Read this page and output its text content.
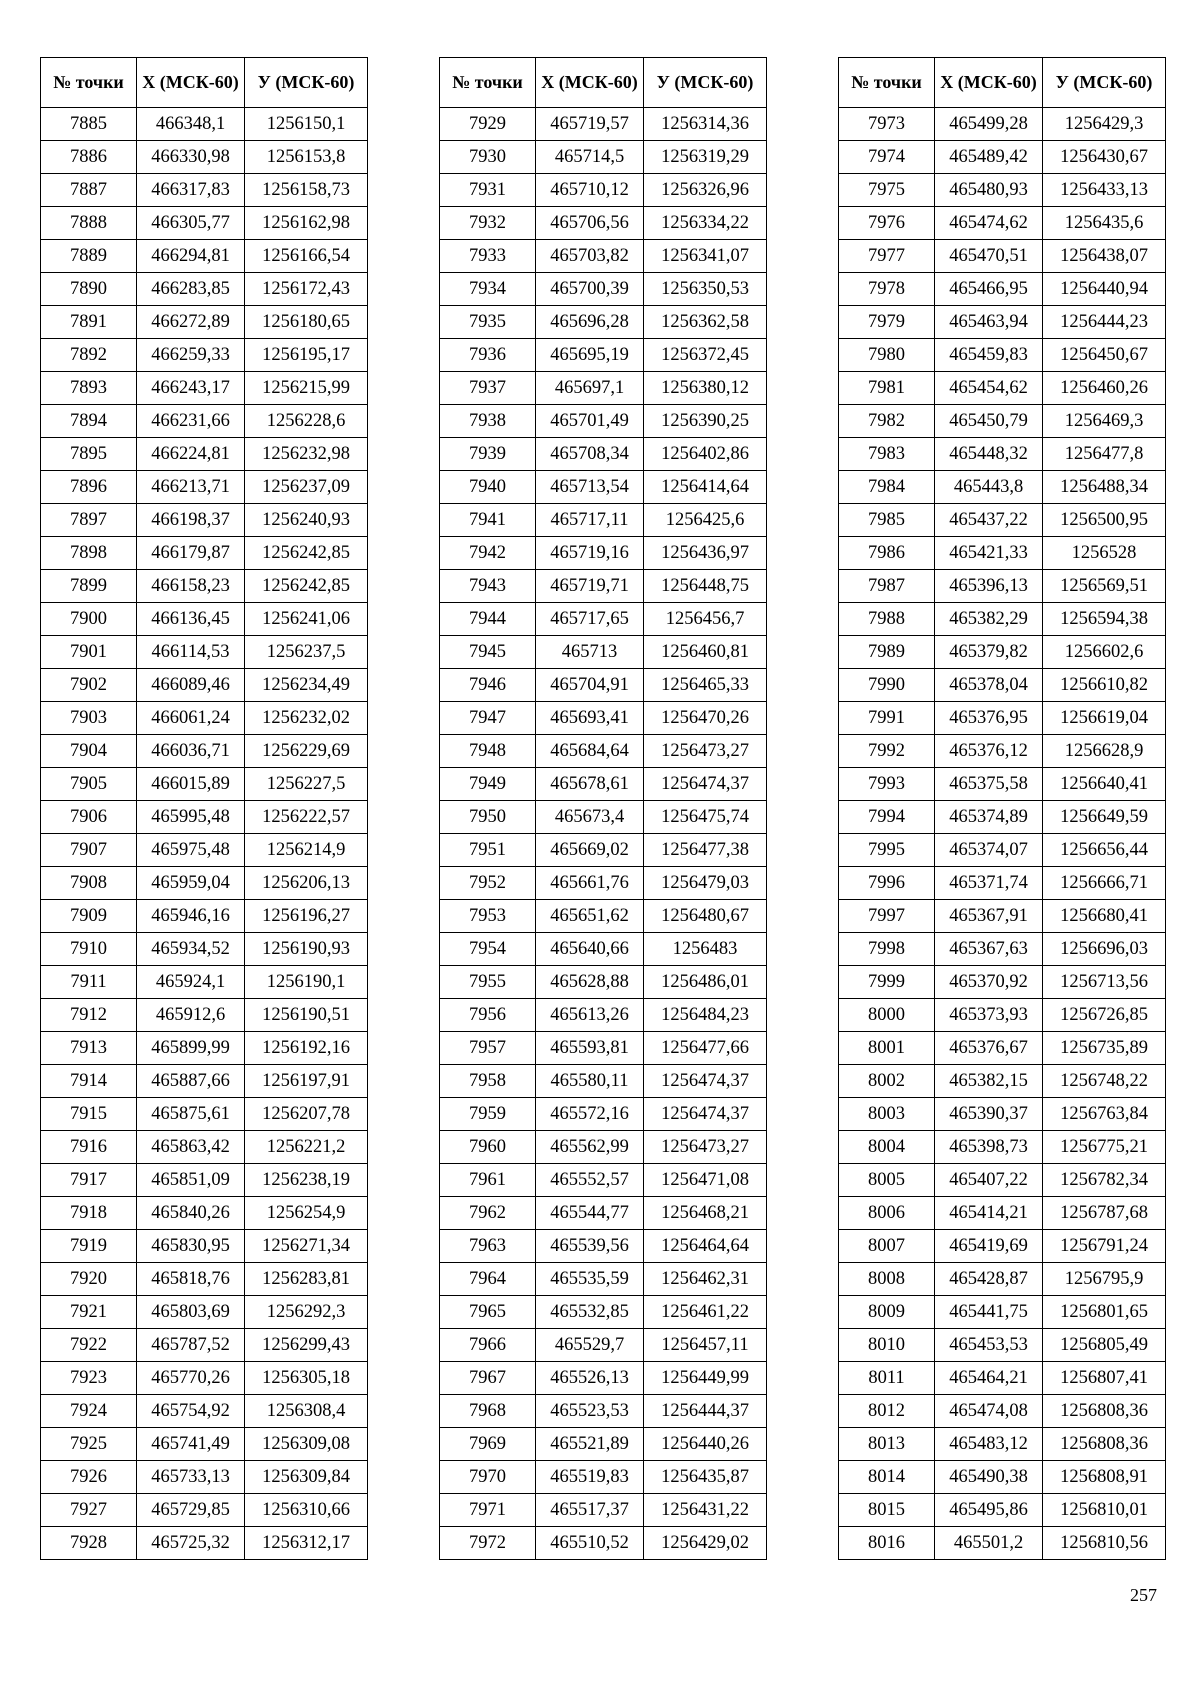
№ точки	Х (МСК-60)	У (МСК-60)
7885	466348,1	1256150,1
7886	466330,98	1256153,8
7887	466317,83	1256158,73
7888	466305,77	1256162,98
7889	466294,81	1256166,54
7890	466283,85	1256172,43
7891	466272,89	1256180,65
7892	466259,33	1256195,17
7893	466243,17	1256215,99
7894	466231,66	1256228,6
7895	466224,81	1256232,98
7896	466213,71	1256237,09
7897	466198,37	1256240,93
7898	466179,87	1256242,85
7899	466158,23	1256242,85
7900	466136,45	1256241,06
7901	466114,53	1256237,5
7902	466089,46	1256234,49
7903	466061,24	1256232,02
7904	466036,71	1256229,69
7905	466015,89	1256227,5
7906	465995,48	1256222,57
7907	465975,48	1256214,9
7908	465959,04	1256206,13
7909	465946,16	1256196,27
7910	465934,52	1256190,93
7911	465924,1	1256190,1
7912	465912,6	1256190,51
7913	465899,99	1256192,16
7914	465887,66	1256197,91
7915	465875,61	1256207,78
7916	465863,42	1256221,2
7917	465851,09	1256238,19
7918	465840,26	1256254,9
7919	465830,95	1256271,34
7920	465818,76	1256283,81
7921	465803,69	1256292,3
7922	465787,52	1256299,43
7923	465770,26	1256305,18
7924	465754,92	1256308,4
7925	465741,49	1256309,08
7926	465733,13	1256309,84
7927	465729,85	1256310,66
7928	465725,32	1256312,17
№ точки	Х (МСК-60)	У (МСК-60)
7929	465719,57	1256314,36
7930	465714,5	1256319,29
7931	465710,12	1256326,96
7932	465706,56	1256334,22
7933	465703,82	1256341,07
7934	465700,39	1256350,53
7935	465696,28	1256362,58
7936	465695,19	1256372,45
7937	465697,1	1256380,12
7938	465701,49	1256390,25
7939	465708,34	1256402,86
7940	465713,54	1256414,64
7941	465717,11	1256425,6
7942	465719,16	1256436,97
7943	465719,71	1256448,75
7944	465717,65	1256456,7
7945	465713	1256460,81
7946	465704,91	1256465,33
7947	465693,41	1256470,26
7948	465684,64	1256473,27
7949	465678,61	1256474,37
7950	465673,4	1256475,74
7951	465669,02	1256477,38
7952	465661,76	1256479,03
7953	465651,62	1256480,67
7954	465640,66	1256483
7955	465628,88	1256486,01
7956	465613,26	1256484,23
7957	465593,81	1256477,66
7958	465580,11	1256474,37
7959	465572,16	1256474,37
7960	465562,99	1256473,27
7961	465552,57	1256471,08
7962	465544,77	1256468,21
7963	465539,56	1256464,64
7964	465535,59	1256462,31
7965	465532,85	1256461,22
7966	465529,7	1256457,11
7967	465526,13	1256449,99
7968	465523,53	1256444,37
7969	465521,89	1256440,26
7970	465519,83	1256435,87
7971	465517,37	1256431,22
7972	465510,52	1256429,02
№ точки	Х (МСК-60)	У (МСК-60)
7973	465499,28	1256429,3
7974	465489,42	1256430,67
7975	465480,93	1256433,13
7976	465474,62	1256435,6
7977	465470,51	1256438,07
7978	465466,95	1256440,94
7979	465463,94	1256444,23
7980	465459,83	1256450,67
7981	465454,62	1256460,26
7982	465450,79	1256469,3
7983	465448,32	1256477,8
7984	465443,8	1256488,34
7985	465437,22	1256500,95
7986	465421,33	1256528
7987	465396,13	1256569,51
7988	465382,29	1256594,38
7989	465379,82	1256602,6
7990	465378,04	1256610,82
7991	465376,95	1256619,04
7992	465376,12	1256628,9
7993	465375,58	1256640,41
7994	465374,89	1256649,59
7995	465374,07	1256656,44
7996	465371,74	1256666,71
7997	465367,91	1256680,41
7998	465367,63	1256696,03
7999	465370,92	1256713,56
8000	465373,93	1256726,85
8001	465376,67	1256735,89
8002	465382,15	1256748,22
8003	465390,37	1256763,84
8004	465398,73	1256775,21
8005	465407,22	1256782,34
8006	465414,21	1256787,68
8007	465419,69	1256791,24
8008	465428,87	1256795,9
8009	465441,75	1256801,65
8010	465453,53	1256805,49
8011	465464,21	1256807,41
8012	465474,08	1256808,36
8013	465483,12	1256808,36
8014	465490,38	1256808,91
8015	465495,86	1256810,01
8016	465501,2	1256810,56
257
